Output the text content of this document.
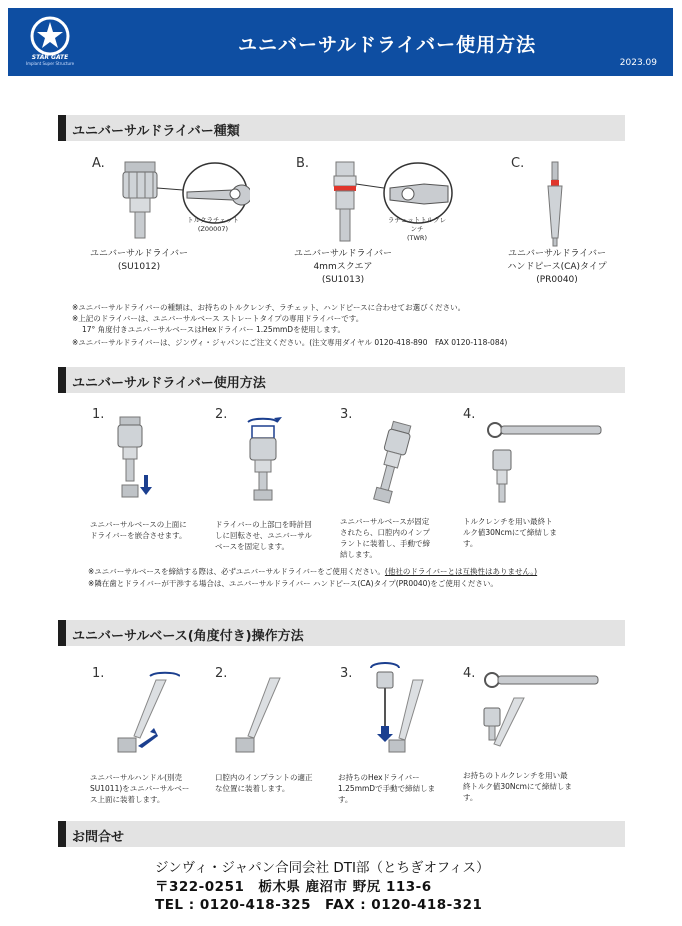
STAR GATE
Implant Super Structure
ユニバーサルドライバー使用方法
2023.09
ユニバーサルドライバー種類
A.	B.	C.
トルクラチェット
(Z00007)
ユニバーサルドライバー
(SU1012)
ラチェットトルクレンチ
(TWR)
ユニバーサルドライバー
4mmスクエア
(SU1013)
ユニバーサルドライバー
ハンドピース(CA)タイプ
(PR0040)
※ユニバーサルドライバーの種類は、お持ちのトルクレンチ、ラチェット、ハンドピースに合わせてお選びください。
※上記のドライバーは、ユニバーサルベース ストレートタイプの専用ドライバーです。
17° 角度付きユニバーサルベースはHexドライバー 1.25mmDを使用します。
※ユニバーサルドライバーは、ジンヴィ・ジャパンにご注文ください。(注文専用ダイヤル 0120-418-890　FAX 0120-118-084)
ユニバーサルドライバー使用方法
1.	2.	3.	4.
ユニバーサルベースの上面にドライバーを嵌合させます。
ドライバーの上部□を時計回しに回転させ、ユニバーサルベースを固定します。
ユニバーサルベースが固定されたら、口腔内のインプラントに装着し、手動で締結します。
トルクレンチを用い最終トルク値30Ncmにて締結します。
※ユニバーサルベースを締結する際は、必ずユニバーサルドライバーをご使用ください。(他社のドライバーとは互換性はありません。)
※隣在歯とドライバーが干渉する場合は、ユニバーサルドライバー ハンドピース(CA)タイプ(PR0040)をご使用ください。
ユニバーサルベース(角度付き)操作方法
1.	2.	3.	4.
ユニバーサルハンドル(別売SU1011)をユニバーサルベース上面に装着します。
口腔内のインプラントの適正な位置に装着します。
お持ちのHexドライバー 1.25mmDで手動で締結します。
お持ちのトルクレンチを用い最終トルク値30Ncmにて締結します。
お問合せ
ジンヴィ・ジャパン合同会社 DTI部（とちぎオフィス）
〒322-0251　栃木県 鹿沼市 野尻 113-6
TEL : 0120-418-325　FAX : 0120-418-321
